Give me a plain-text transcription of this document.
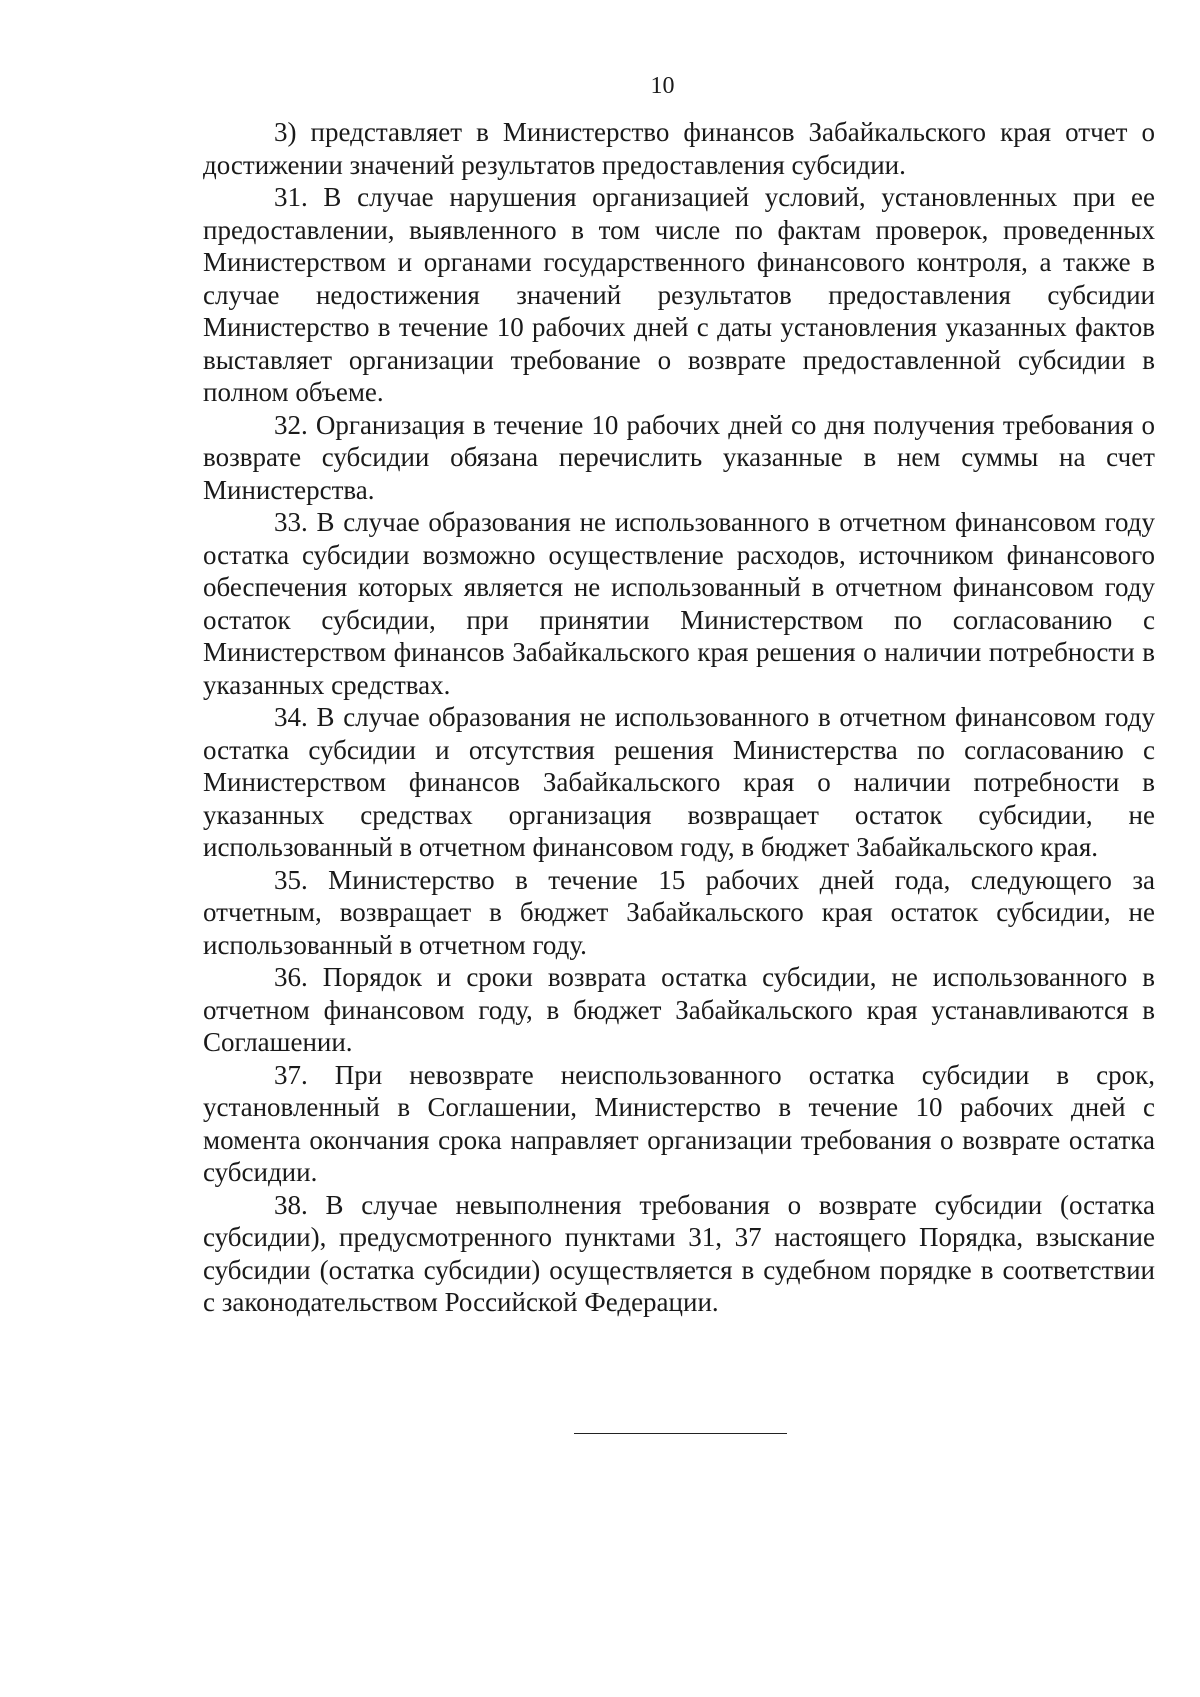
10

3) представляет в Министерство финансов Забайкальского края отчет о достижении значений результатов предоставления субсидии.

31. В случае нарушения организацией условий, установленных при ее предоставлении, выявленного в том числе по фактам проверок, проведенных Министерством и органами государственного финансового контроля, а также в случае недостижения значений результатов предоставления субсидии Министерство в течение 10 рабочих дней с даты установления указанных фактов выставляет организации требование о возврате предоставленной субсидии в полном объеме.

32. Организация в течение 10 рабочих дней со дня получения требования о возврате субсидии обязана перечислить указанные в нем суммы на счет Министерства.

33. В случае образования не использованного в отчетном финансовом году остатка субсидии возможно осуществление расходов, источником финансового обеспечения которых является не использованный в отчетном финансовом году остаток субсидии, при принятии Министерством по согласованию с Министерством финансов Забайкальского края решения о наличии потребности в указанных средствах.

34. В случае образования не использованного в отчетном финансовом году остатка субсидии и отсутствия решения Министерства по согласованию с Министерством финансов Забайкальского края о наличии потребности в указанных средствах организация возвращает остаток субсидии, не использованный в отчетном финансовом году, в бюджет Забайкальского края.

35. Министерство в течение 15 рабочих дней года, следующего за отчетным, возвращает в бюджет Забайкальского края остаток субсидии, не использованный в отчетном году.

36. Порядок и сроки возврата остатка субсидии, не использованного в отчетном финансовом году, в бюджет Забайкальского края устанавливаются в Соглашении.

37. При невозврате неиспользованного остатка субсидии в срок, установленный в Соглашении, Министерство в течение 10 рабочих дней с момента окончания срока направляет организации требования о возврате остатка субсидии.

38. В случае невыполнения требования о возврате субсидии (остатка субсидии), предусмотренного пунктами 31, 37 настоящего Порядка, взыскание субсидии (остатка субсидии) осуществляется в судебном порядке в соответствии с законодательством Российской Федерации.
